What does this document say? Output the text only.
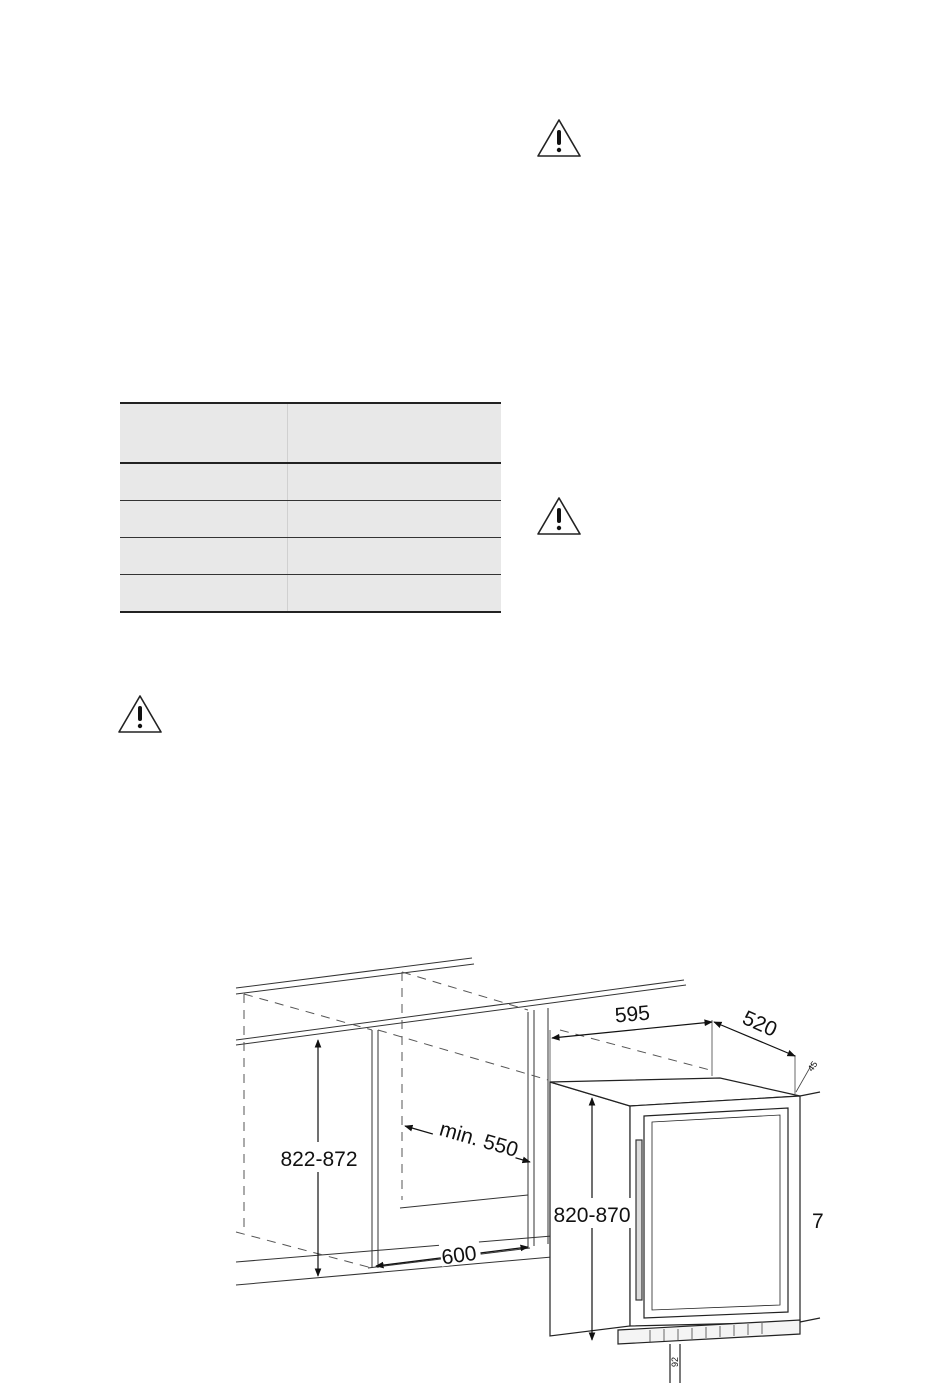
822-872	min. 550
600
595	520
45
820-870
92
7
